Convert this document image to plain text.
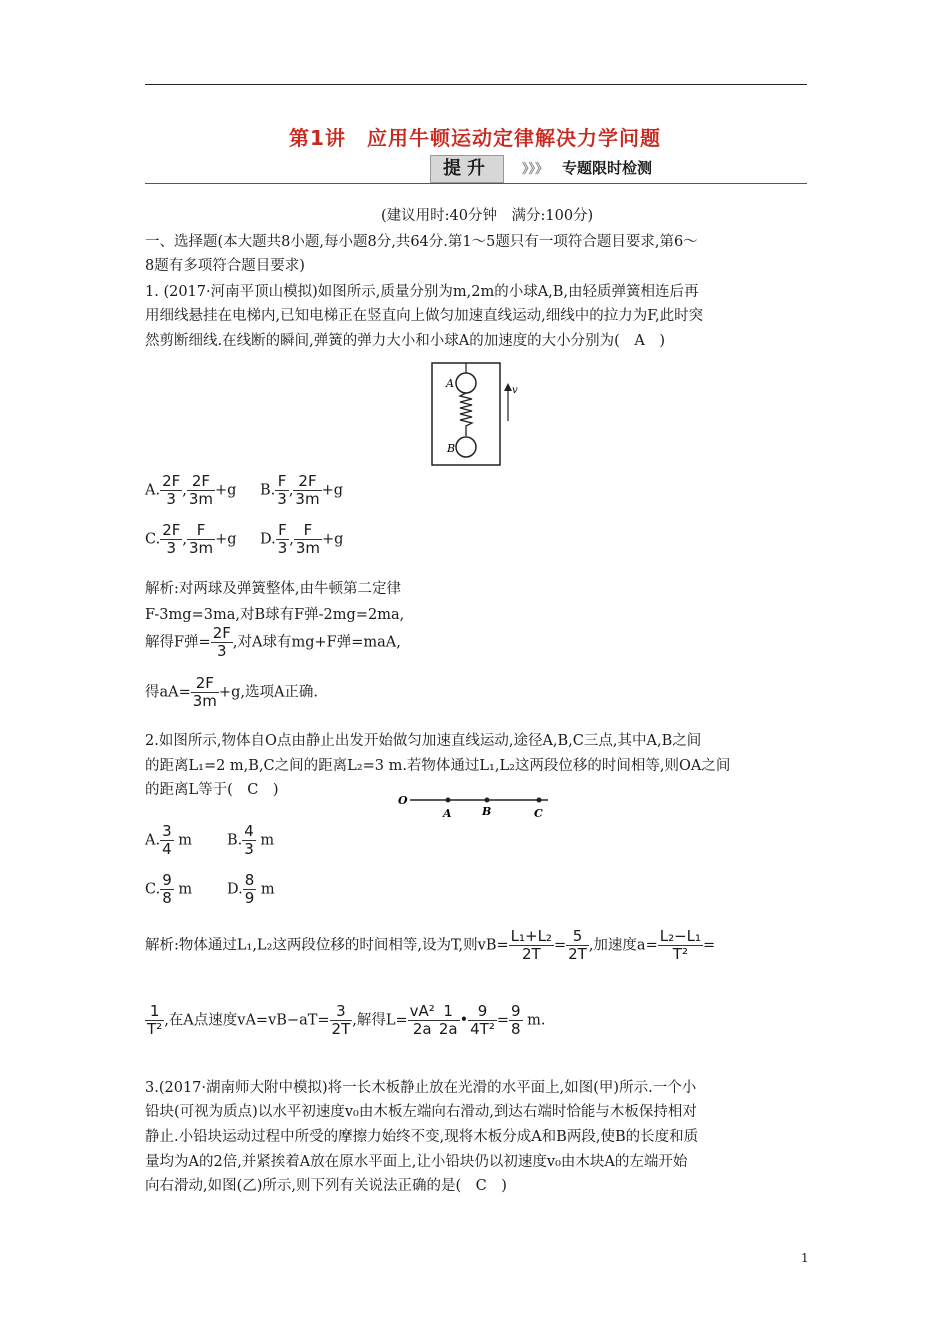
第1讲　应用牛顿运动定律解决力学问题
提升	》》》 专题限时检测
(建议用时:40分钟　满分:100分)
一、选择题(本大题共8小题,每小题8分,共64分.第1～5题只有一项符合题目要求,第6～
8题有多项符合题目要求)
1. (2017·河南平顶山模拟)如图所示,质量分别为m,2m的小球A,B,由轻质弹簧相连后再
用细线悬挂在电梯内,已知电梯正在竖直向上做匀加速直线运动,细线中的拉力为F,此时突
然剪断细线.在线断的瞬间,弹簧的弹力大小和小球A的加速度的大小分别为(　A　)
A
B
v
A. $\frac{2F}{3}$ , $\frac{2F}{3m} +g$ B. $\frac{F}{3}$ , $\frac{2F}{3m} +g$
C. $\frac{2F}{3}$ , $\frac{F}{3m} +g$ D. $\frac{F}{3}$ , $\frac{F}{3m} +g$
解析:对两球及弹簧整体,由牛顿第二定律
F-3mg=3ma,对B球有F弹-2mg=2ma,
解得F弹= $\frac{2F}{3}$ ,对A球有mg+F弹=maA,
得$aA= \frac{2F}{3m} +g$,选项A正确.
2.如图所示,物体自O点由静止出发开始做匀加速直线运动,途径A,B,C三点,其中A,B之间
的距离L₁=2 m,B,C之间的距离L₂=3 m.若物体通过L₁,L₂这两段位移的时间相等,则OA之间
的距离L等于(　C　)
O
A	B	C
A. $\frac{3}{4}$ m B. $\frac{4}{3}$ m
C. $\frac{9}{8}$ m D. $\frac{8}{9}$ m
解析:物体通过L₁,L₂这两段位移的时间相等,设为T,则$vB= \frac{\text{L₁+L₂}}{2T} = \frac{5}{2T}$ ,加速度$a= \frac{\text{L₂−L₁}}{\text{T²}}$ =
$\frac{1}{\text{T²}}$ ,在A点速度$vA=vB-aT= \frac{3}{2T}$ ,解得$L= \frac{\text{vA²}}{2a} \frac{1}{2a}$ • $\frac{9}{\text{4T²}} = \frac{9}{8} m$.
3.(2017·湖南师大附中模拟)将一长木板静止放在光滑的水平面上,如图(甲)所示.一个小
铅块(可视为质点)以水平初速度v₀由木板左端向右滑动,到达右端时恰能与木板保持相对
静止.小铅块运动过程中所受的摩擦力始终不变,现将木板分成A和B两段,使B的长度和质
量均为A的2倍,并紧挨着A放在原水平面上,让小铅块仍以初速度v₀由木块A的左端开始
向右滑动,如图(乙)所示,则下列有关说法正确的是(　C　)
1
